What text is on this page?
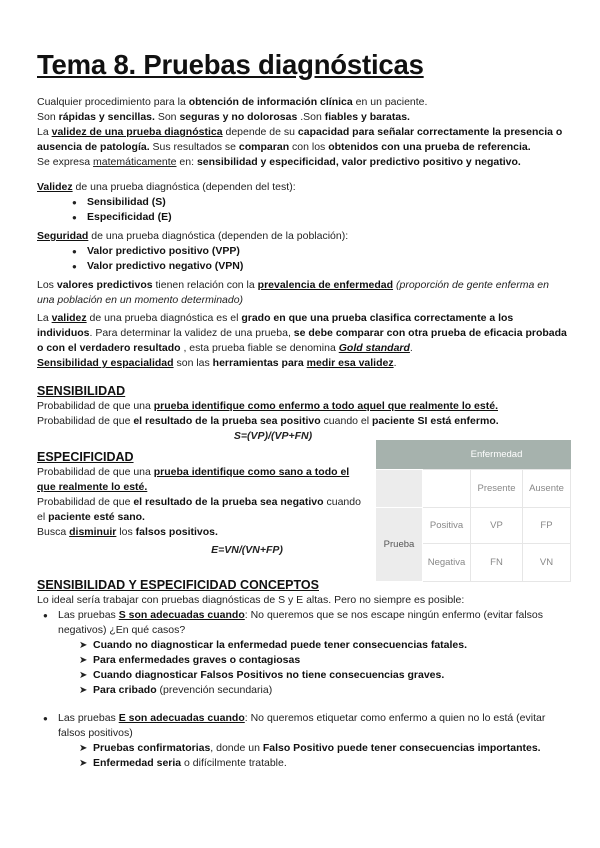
Tema 8. Pruebas diagnósticas

Cualquier procedimiento para la obtención de información clínica en un paciente.

Son rápidas y sencillas. Son seguras y no dolorosas .Son fiables y baratas.

La validez de una prueba diagnóstica depende de su capacidad para señalar correctamente la presencia o ausencia de patología. Sus resultados se comparan con los obtenidos con una prueba de referencia.

Se expresa matemáticamente en: sensibilidad y especificidad, valor predictivo positivo y negativo.

Validez de una prueba diagnóstica (dependen del test):

● Sensibilidad (S)
● Especificidad (E)

Seguridad de una prueba diagnóstica (dependen de la población):

● Valor predictivo positivo (VPP)
● Valor predictivo negativo (VPN)

Los valores predictivos tienen relación con la prevalencia de enfermedad (proporción de gente enferma en una población en un momento determinado)

La validez de una prueba diagnóstica es el grado en que una prueba clasifica correctamente a los individuos. Para determinar la validez de una prueba, se debe comparar con otra prueba de eficacia probada o con el verdadero resultado , esta prueba fiable se denomina Gold standard.

Sensibilidad y espacialidad son las herramientas para medir esa validez.

SENSIBILIDAD

Probabilidad de que una prueba identifique como enfermo a todo aquel que realmente lo esté.

Probabilidad de que el resultado de la prueba sea positivo cuando el paciente SI está enfermo.

S=(VP)/(VP+FN)

ESPECIFICIDAD

Probabilidad de que una prueba identifique como sano a todo el que realmente lo esté.

Probabilidad de que el resultado de la prueba sea negativo cuando el paciente esté sano.

Busca disminuir los falsos positivos.

E=VN/(VN+FP)

	Enfermedad		
		Presente	Ausente
Prueba	Positiva	VP	FP
	Negativa	FN	VN

SENSIBILIDAD Y ESPECIFICIDAD CONCEPTOS

Lo ideal sería trabajar con pruebas diagnósticas de S y E altas. Pero no siempre es posible:

● Las pruebas S son adecuadas cuando: No queremos que se nos escape ningún enfermo (evitar falsos negativos) ¿En qué casos?
➤ Cuando no diagnosticar la enfermedad puede tener consecuencias fatales.
➤ Para enfermedades graves o contagiosas
➤ Cuando diagnosticar Falsos Positivos no tiene consecuencias graves.
➤ Para cribado (prevención secundaria)
● Las pruebas E son adecuadas cuando: No queremos etiquetar como enfermo a quien no lo está (evitar falsos positivos)
➤ Pruebas confirmatorias, donde un Falso Positivo puede tener consecuencias importantes.
➤ Enfermedad seria o difícilmente tratable.
